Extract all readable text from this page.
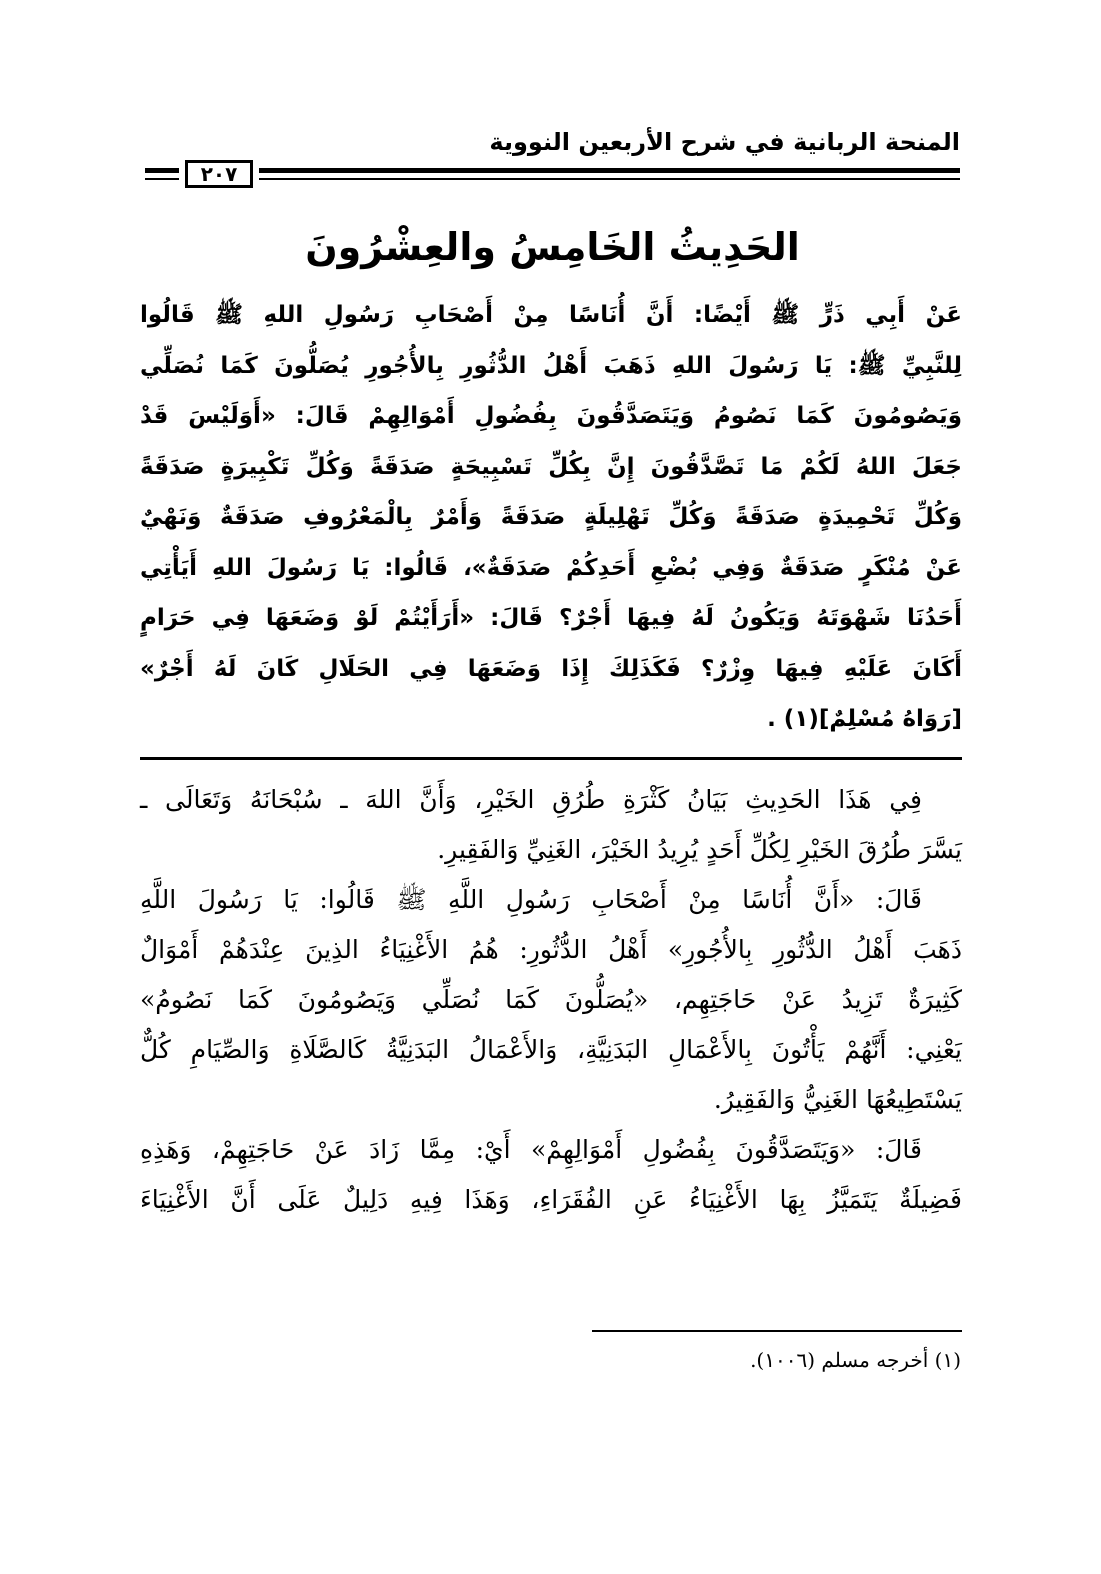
المنحة الربانية في شرح الأربعين النووية
٢٠٧
الحَدِيثُ الخَامِسُ والعِشْرُونَ
عَنْ أَبِي ذَرٍّ ﷺ أَيْضًا: أَنَّ أُنَاسًا مِنْ أَصْحَابِ رَسُولِ اللهِ ﷺ قَالُوا
لِلنَّبِيِّ ﷺ: يَا رَسُولَ اللهِ ذَهَبَ أَهْلُ الدُّثُورِ بِالأُجُورِ يُصَلُّونَ كَمَا نُصَلِّي
وَيَصُومُونَ كَمَا نَصُومُ وَيَتَصَدَّقُونَ بِفُضُولِ أَمْوَالِهِمْ قَالَ: «أَوَلَيْسَ قَدْ
جَعَلَ اللهُ لَكُمْ مَا تَصَّدَّقُونَ إِنَّ بِكُلِّ تَسْبِيحَةٍ صَدَقَةً وَكُلِّ تَكْبِيرَةٍ صَدَقَةً
وَكُلِّ تَحْمِيدَةٍ صَدَقَةً وَكُلِّ تَهْلِيلَةٍ صَدَقَةً وَأَمْرٌ بِالْمَعْرُوفِ صَدَقَةٌ وَنَهْيٌ
عَنْ مُنْكَرٍ صَدَقَةٌ وَفِي بُضْعِ أَحَدِكُمْ صَدَقَةٌ»، قَالُوا: يَا رَسُولَ اللهِ أَيَأْتِي
أَحَدُنَا شَهْوَتَهُ وَيَكُونُ لَهُ فِيهَا أَجْرٌ؟ قَالَ: «أَرَأَيْتُمْ لَوْ وَضَعَهَا فِي حَرَامٍ
أَكَانَ عَلَيْهِ فِيهَا وِزْرٌ؟ فَكَذَلِكَ إِذَا وَضَعَهَا فِي الحَلَالِ كَانَ لَهُ أَجْرٌ»
[رَوَاهُ مُسْلِمٌ](١) .
فِي هَذَا الحَدِيثِ بَيَانُ كَثْرَةِ طُرُقِ الخَيْرِ، وَأَنَّ اللهَ ـ سُبْحَانَهُ وَتَعَالَى ـ
يَسَّرَ طُرُقَ الخَيْرِ لِكُلِّ أَحَدٍ يُرِيدُ الخَيْرَ، الغَنِيِّ وَالفَقِيرِ.
قَالَ: «أَنَّ أُنَاسًا مِنْ أَصْحَابِ رَسُولِ اللَّهِ ﷺ قَالُوا: يَا رَسُولَ اللَّهِ
ذَهَبَ أَهْلُ الدُّثُورِ بِالأُجُورِ» أَهْلُ الدُّثُورِ: هُمُ الأَغْنِيَاءُ الذِينَ عِنْدَهُمْ أَمْوَالٌ
كَثِيرَةٌ تَزِيدُ عَنْ حَاجَتِهِم، «يُصَلُّونَ كَمَا نُصَلِّي وَيَصُومُونَ كَمَا نَصُومُ»
يَعْنِي: أَنَّهُمْ يَأْتُونَ بِالأَعْمَالِ البَدَنِيَّةِ، وَالأَعْمَالُ البَدَنِيَّةُ كَالصَّلَاةِ وَالصِّيَامِ كُلٌّ
يَسْتَطِيعُهَا الغَنِيُّ وَالفَقِيرُ.
قَالَ: «وَيَتَصَدَّقُونَ بِفُضُولِ أَمْوَالِهِمْ» أَيْ: مِمَّا زَادَ عَنْ حَاجَتِهِمْ، وَهَذِهِ
فَضِيلَةٌ يَتَمَيَّزُ بِهَا الأَغْنِيَاءُ عَنِ الفُقَرَاءِ، وَهَذَا فِيهِ دَلِيلٌ عَلَى أَنَّ الأَغْنِيَاءَ
(١) أخرجه مسلم (١٠٠٦).
